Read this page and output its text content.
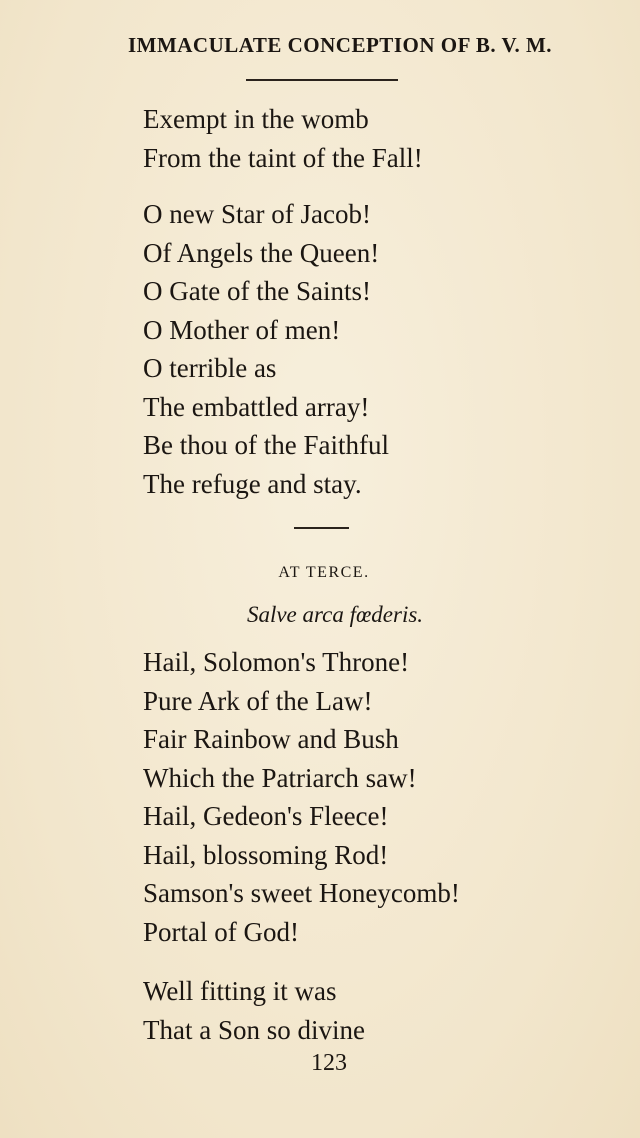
IMMACULATE CONCEPTION OF B. V. M.
Exempt in the womb
From the taint of the Fall!
O new Star of Jacob!
Of Angels the Queen!
O Gate of the Saints!
O Mother of men!
O terrible as
The embattled array!
Be thou of the Faithful
The refuge and stay.
AT TERCE.
Salve arca fœderis.
Hail, Solomon's Throne!
Pure Ark of the Law!
Fair Rainbow and Bush
Which the Patriarch saw!
Hail, Gedeon's Fleece!
Hail, blossoming Rod!
Samson's sweet Honeycomb!
Portal of God!
Well fitting it was
That a Son so divine
123
